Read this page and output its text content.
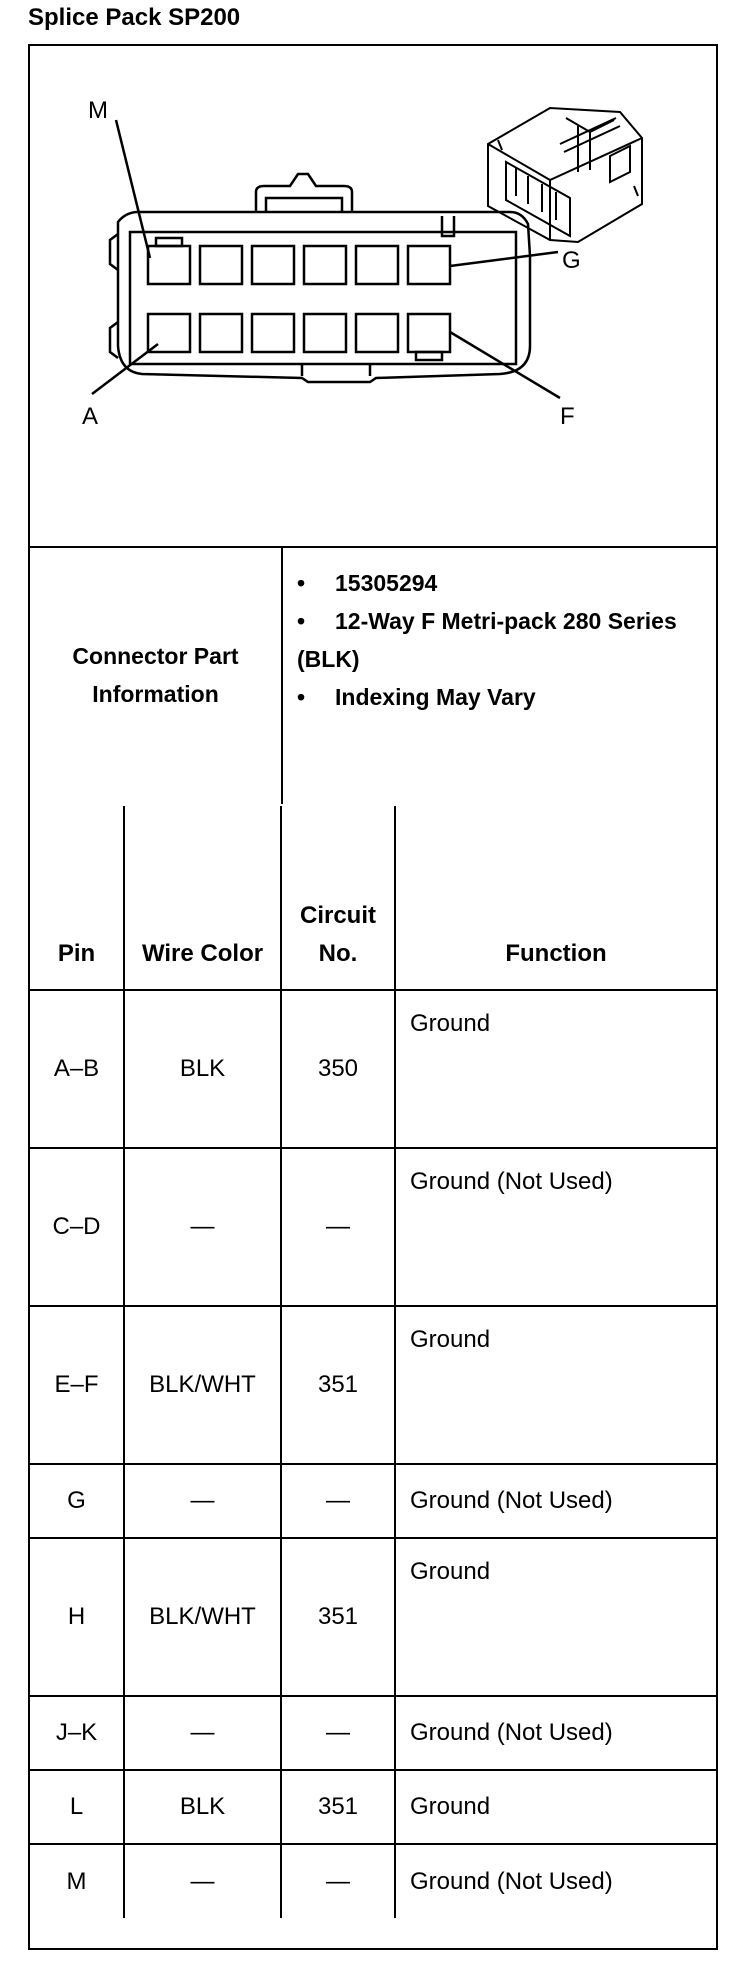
Splice Pack SP200
M
G
A	F
Connector Part Information
• 15305294
• 12-Way F Metri-pack 280 Series (BLK)
• Indexing May Vary
Pin	Wire Color	Circuit No.	Function
A–B	BLK	350	Ground
C–D	—	—	Ground (Not Used)
E–F	BLK/WHT	351	Ground
G	—	—	Ground (Not Used)
H	BLK/WHT	351	Ground
J–K	—	—	Ground (Not Used)
L	BLK	351	Ground
M	—	—	Ground (Not Used)
